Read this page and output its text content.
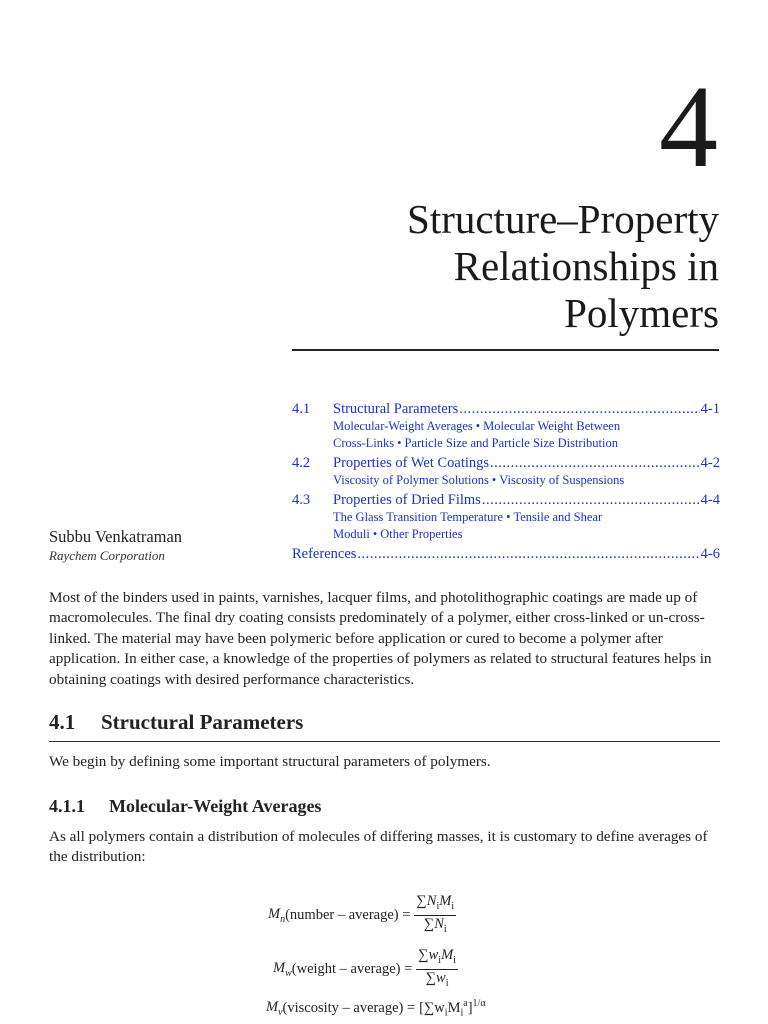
4
Structure–Property
Relationships in
Polymers
4.1	Structural Parameters .....	4-1
Molecular-Weight Averages • Molecular Weight Between
Cross-Links • Particle Size and Particle Size Distribution
4.2	Properties of Wet Coatings .....	4-2
Viscosity of Polymer Solutions • Viscosity of Suspensions
4.3	Properties of Dried Films .....	4-4
The Glass Transition Temperature • Tensile and Shear
Moduli • Other Properties
References .....	4-6
Subbu Venkatraman
Raychem Corporation
Most of the binders used in paints, varnishes, lacquer films, and photolithographic coatings are made up of macromolecules. The final dry coating consists predominately of a polymer, either cross-linked or un-cross-linked. The material may have been polymeric before application or cured to become a polymer after application. In either case, a knowledge of the properties of polymers as related to structural features helps in obtaining coatings with desired performance characteristics.
4.1 Structural Parameters
We begin by defining some important structural parameters of polymers.
4.1.1 Molecular-Weight Averages
As all polymers contain a distribution of molecules of differing masses, it is customary to define averages of the distribution:
$M_n$ (number – average) = $\frac{\sum N_iM_i}{\sum N_i}$
$M_w$ (weight – average) = $\frac{\sum w_iM_i}{\sum w_i}$
$M_v$ (viscosity – average) = $[\sum w_iM_i^a]^{1/\alpha}$
